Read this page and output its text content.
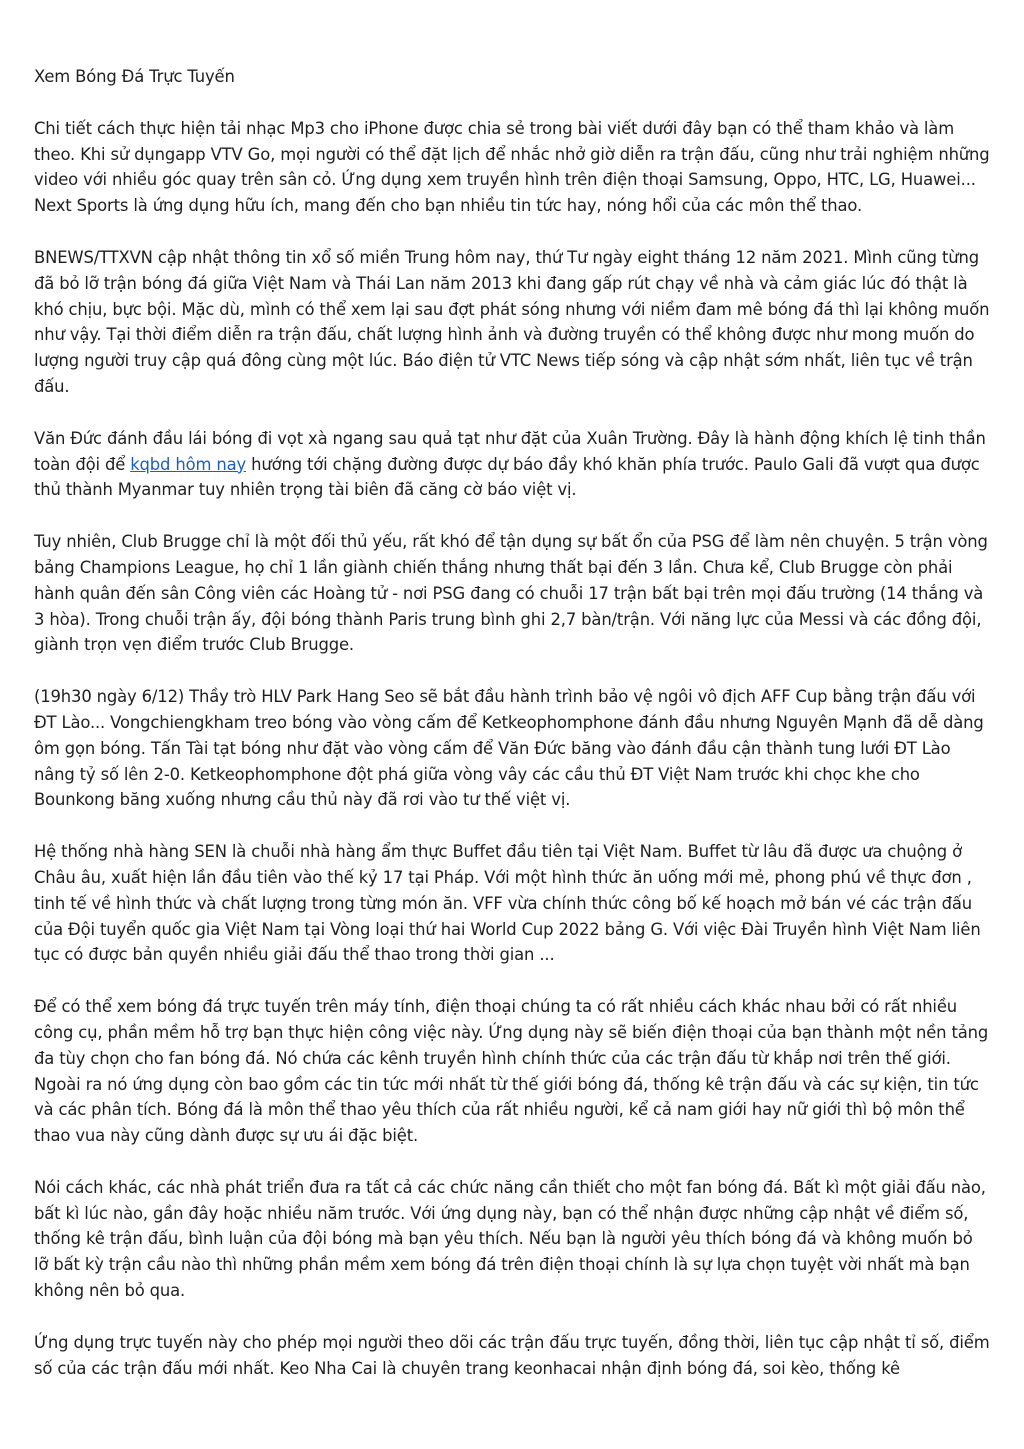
Xem Bóng Đá Trực Tuyến

Chi tiết cách thực hiện tải nhạc Mp3 cho iPhone được chia sẻ trong bài viết dưới đây bạn có thể tham khảo và làm theo. Khi sử dụngapp VTV Go, mọi người có thể đặt lịch để nhắc nhở giờ diễn ra trận đấu, cũng như trải nghiệm những video với nhiều góc quay trên sân cỏ. Ứng dụng xem truyền hình trên điện thoại Samsung, Oppo, HTC, LG, Huawei... Next Sports là ứng dụng hữu ích, mang đến cho bạn nhiều tin tức hay, nóng hổi của các môn thể thao.

BNEWS/TTXVN cập nhật thông tin xổ số miền Trung hôm nay, thứ Tư ngày eight tháng 12 năm 2021. Mình cũng từng đã bỏ lỡ trận bóng đá giữa Việt Nam và Thái Lan năm 2013 khi đang gấp rút chạy về nhà và cảm giác lúc đó thật là khó chịu, bực bội. Mặc dù, mình có thể xem lại sau đợt phát sóng nhưng với niềm đam mê bóng đá thì lại không muốn như vậy. Tại thời điểm diễn ra trận đấu, chất lượng hình ảnh và đường truyền có thể không được như mong muốn do lượng người truy cập quá đông cùng một lúc. Báo điện tử VTC News tiếp sóng và cập nhật sớm nhất, liên tục về trận đấu.

Văn Đức đánh đầu lái bóng đi vọt xà ngang sau quả tạt như đặt của Xuân Trường. Đây là hành động khích lệ tinh thần toàn đội để kqbd hôm nay hướng tới chặng đường được dự báo đầy khó khăn phía trước. Paulo Gali đã vượt qua được thủ thành Myanmar tuy nhiên trọng tài biên đã căng cờ báo việt vị.

Tuy nhiên, Club Brugge chỉ là một đối thủ yếu, rất khó để tận dụng sự bất ổn của PSG để làm nên chuyện. 5 trận vòng bảng Champions League, họ chỉ 1 lần giành chiến thắng nhưng thất bại đến 3 lần. Chưa kể, Club Brugge còn phải hành quân đến sân Công viên các Hoàng tử - nơi PSG đang có chuỗi 17 trận bất bại trên mọi đấu trường (14 thắng và 3 hòa). Trong chuỗi trận ấy, đội bóng thành Paris trung bình ghi 2,7 bàn/trận. Với năng lực của Messi và các đồng đội, giành trọn vẹn điểm trước Club Brugge.

(19h30 ngày 6/12) Thầy trò HLV Park Hang Seo sẽ bắt đầu hành trình bảo vệ ngôi vô địch AFF Cup bằng trận đấu với ĐT Lào... Vongchiengkham treo bóng vào vòng cấm để Ketkeophomphone đánh đầu nhưng Nguyên Mạnh đã dễ dàng ôm gọn bóng. Tấn Tài tạt bóng như đặt vào vòng cấm để Văn Đức băng vào đánh đầu cận thành tung lưới ĐT Lào nâng tỷ số lên 2-0. Ketkeophomphone đột phá giữa vòng vây các cầu thủ ĐT Việt Nam trước khi chọc khe cho Bounkong băng xuống nhưng cầu thủ này đã rơi vào tư thế việt vị.

Hệ thống nhà hàng SEN là chuỗi nhà hàng ẩm thực Buffet đầu tiên tại Việt Nam. Buffet từ lâu đã được ưa chuộng ở Châu âu, xuất hiện lần đầu tiên vào thế kỷ 17 tại Pháp. Với một hình thức ăn uống mới mẻ, phong phú về thực đơn , tinh tế về hình thức và chất lượng trong từng món ăn. VFF vừa chính thức công bố kế hoạch mở bán vé các trận đấu của Đội tuyển quốc gia Việt Nam tại Vòng loại thứ hai World Cup 2022 bảng G. Với việc Đài Truyền hình Việt Nam liên tục có được bản quyền nhiều giải đấu thể thao trong thời gian ...

Để có thể xem bóng đá trực tuyến trên máy tính, điện thoại chúng ta có rất nhiều cách khác nhau bởi có rất nhiều công cụ, phần mềm hỗ trợ bạn thực hiện công việc này. Ứng dụng này sẽ biến điện thoại của bạn thành một nền tảng đa tùy chọn cho fan bóng đá. Nó chứa các kênh truyền hình chính thức của các trận đấu từ khắp nơi trên thế giới. Ngoài ra nó ứng dụng còn bao gồm các tin tức mới nhất từ thế giới bóng đá, thống kê trận đấu và các sự kiện, tin tức và các phân tích. Bóng đá là môn thể thao yêu thích của rất nhiều người, kể cả nam giới hay nữ giới thì bộ môn thể thao vua này cũng dành được sự ưu ái đặc biệt.

Nói cách khác, các nhà phát triển đưa ra tất cả các chức năng cần thiết cho một fan bóng đá. Bất kì một giải đấu nào, bất kì lúc nào, gần đây hoặc nhiều năm trước. Với ứng dụng này, bạn có thể nhận được những cập nhật về điểm số, thống kê trận đấu, bình luận của đội bóng mà bạn yêu thích. Nếu bạn là người yêu thích bóng đá và không muốn bỏ lỡ bất kỳ trận cầu nào thì những phần mềm xem bóng đá trên điện thoại chính là sự lựa chọn tuyệt vời nhất mà bạn không nên bỏ qua.

Ứng dụng trực tuyến này cho phép mọi người theo dõi các trận đấu trực tuyến, đồng thời, liên tục cập nhật tỉ số, điểm số của các trận đấu mới nhất. Keo Nha Cai là chuyên trang keonhacai nhận định bóng đá, soi kèo, thống kê
